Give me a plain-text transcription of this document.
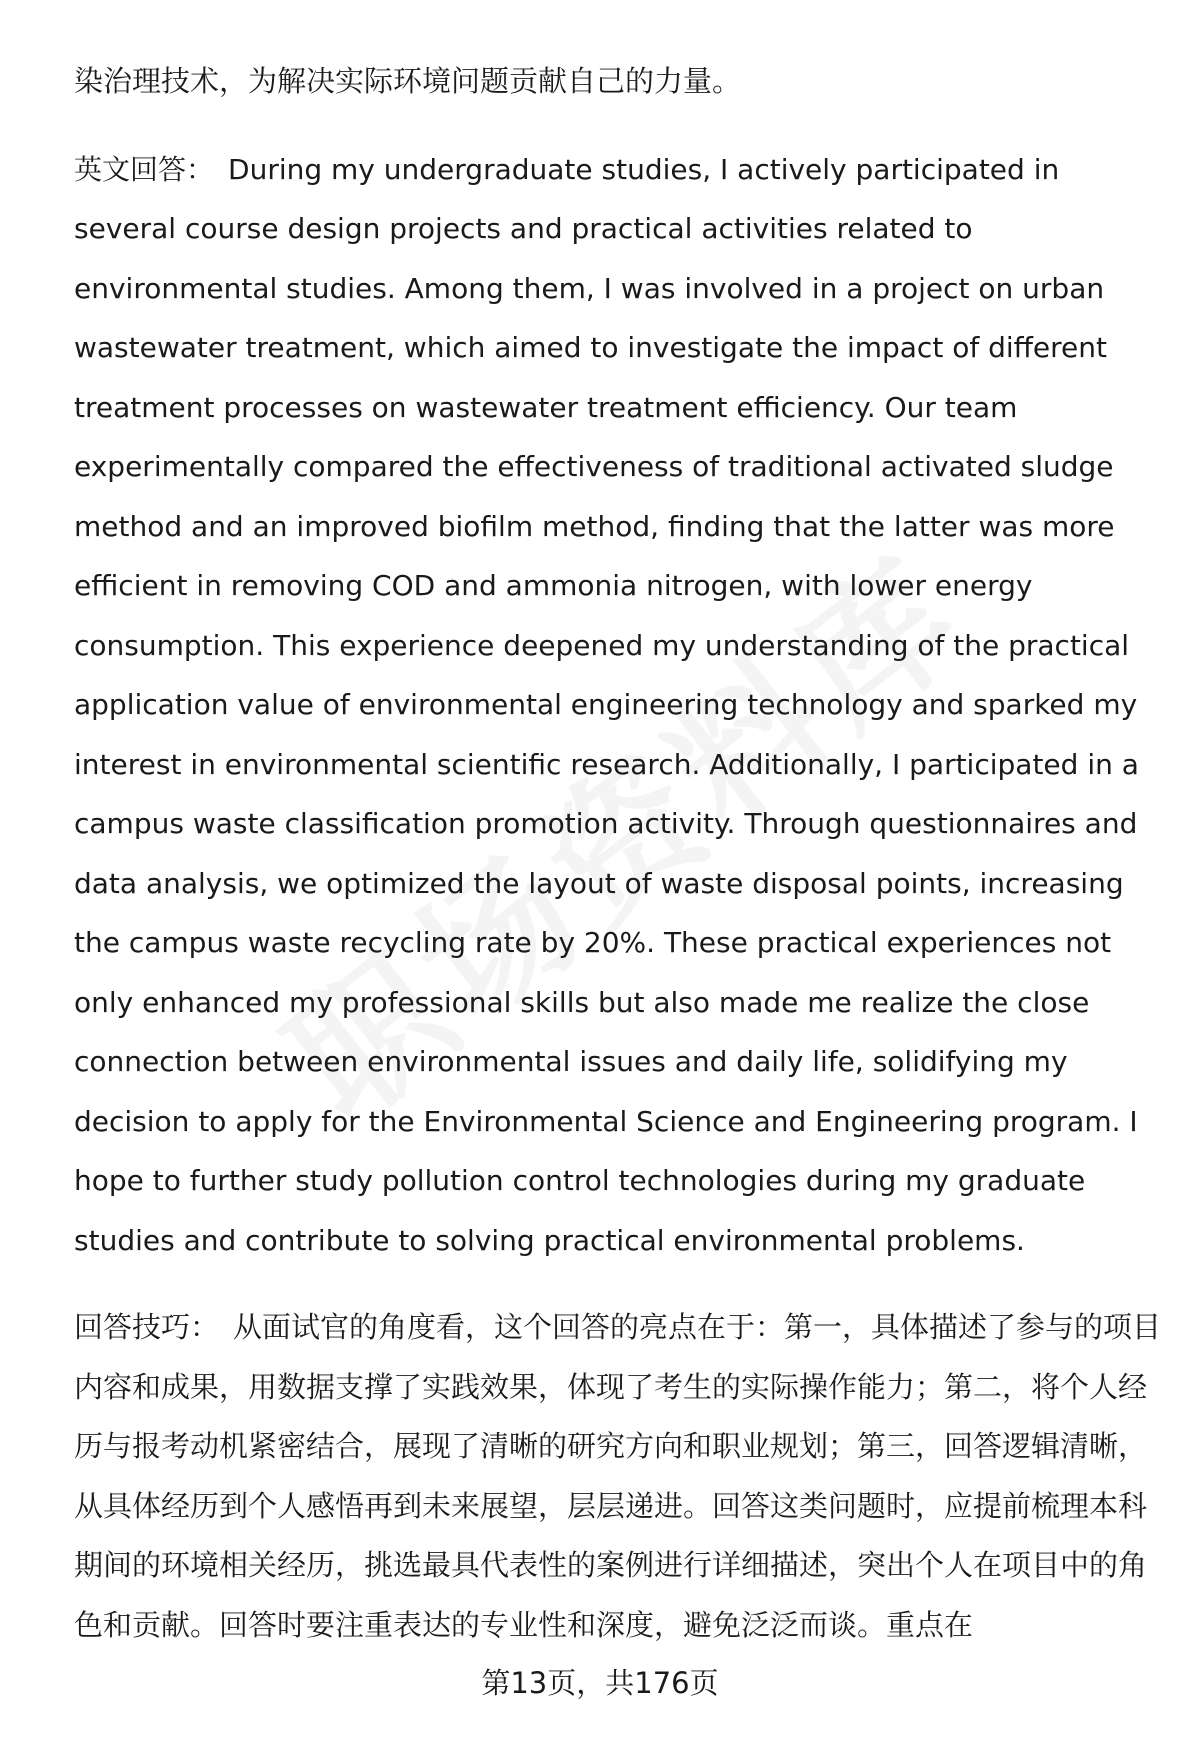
染治理技术，为解决实际环境问题贡献自己的力量。

英文回答： During my undergraduate studies, I actively participated in several course design projects and practical activities related to environmental studies. Among them, I was involved in a project on urban wastewater treatment, which aimed to investigate the impact of different treatment processes on wastewater treatment efficiency. Our team experimentally compared the effectiveness of traditional activated sludge method and an improved biofilm method, finding that the latter was more efficient in removing COD and ammonia nitrogen, with lower energy consumption. This experience deepened my understanding of the practical application value of environmental engineering technology and sparked my interest in environmental scientific research. Additionally, I participated in a campus waste classification promotion activity. Through questionnaires and data analysis, we optimized the layout of waste disposal points, increasing the campus waste recycling rate by 20%. These practical experiences not only enhanced my professional skills but also made me realize the close connection between environmental issues and daily life, solidifying my decision to apply for the Environmental Science and Engineering program. I hope to further study pollution control technologies during my graduate studies and contribute to solving practical environmental problems.

回答技巧： 从面试官的角度看，这个回答的亮点在于：第一，具体描述了参与的项目内容和成果，用数据支撑了实践效果，体现了考生的实际操作能力；第二，将个人经历与报考动机紧密结合，展现了清晰的研究方向和职业规划；第三，回答逻辑清晰，从具体经历到个人感悟再到未来展望，层层递进。回答这类问题时，应提前梳理本科期间的环境相关经历，挑选最具代表性的案例进行详细描述，突出个人在项目中的角色和贡献。回答时要注重表达的专业性和深度，避免泛泛而谈。重点在

第13页，共176页
